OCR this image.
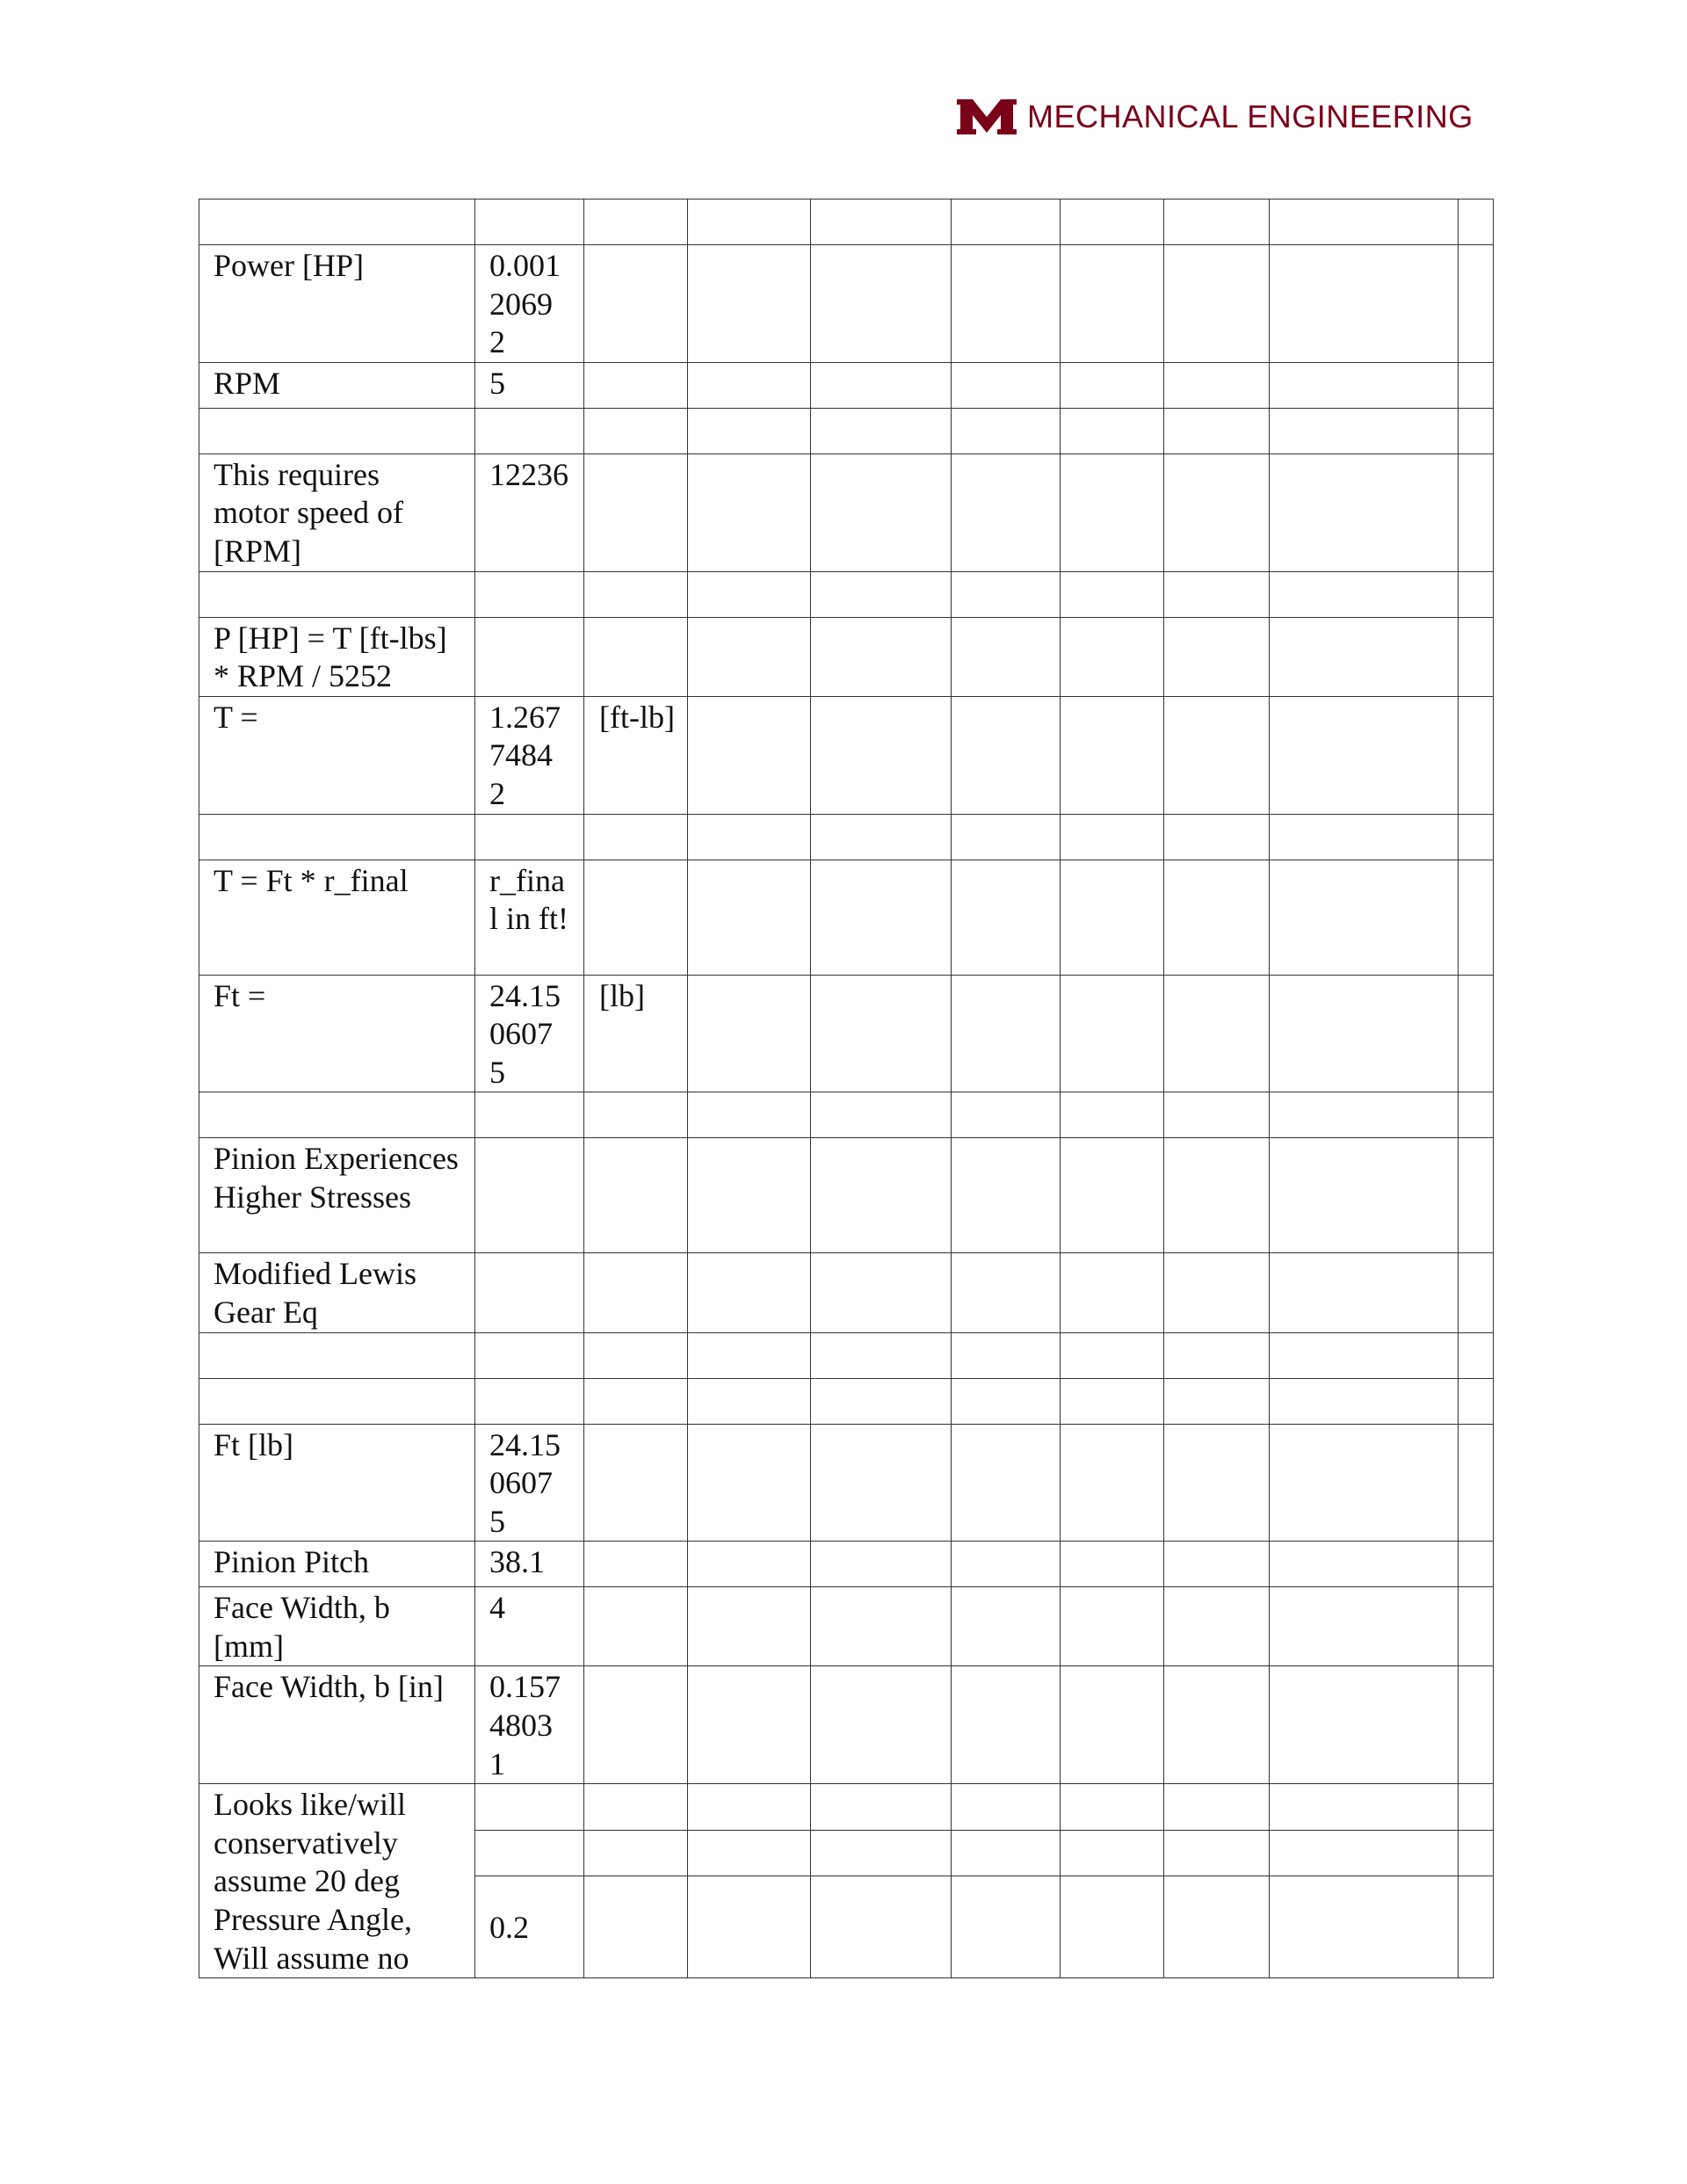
MECHANICAL ENGINEERING

Power [HP]	0.0012069 2								
RPM	5								

This requires motor speed of [RPM]	12236								

P [HP] = T [ft-lbs] * RPM / 5252									
T =	1.2677484 2	[ft-lb]							

T = Ft * r_final	r_final in ft!								
Ft =	24.150607 5	[lb]							

Pinion Experiences Higher Stresses									
Modified Lewis Gear Eq									

Ft [lb]	24.150607 5								
Pinion Pitch	38.1								
Face Width, b [mm]	4								
Face Width, b [in]	0.1574803 1								
Looks like/will conservatively assume 20 deg Pressure Angle, Will assume no									

	0.2								
